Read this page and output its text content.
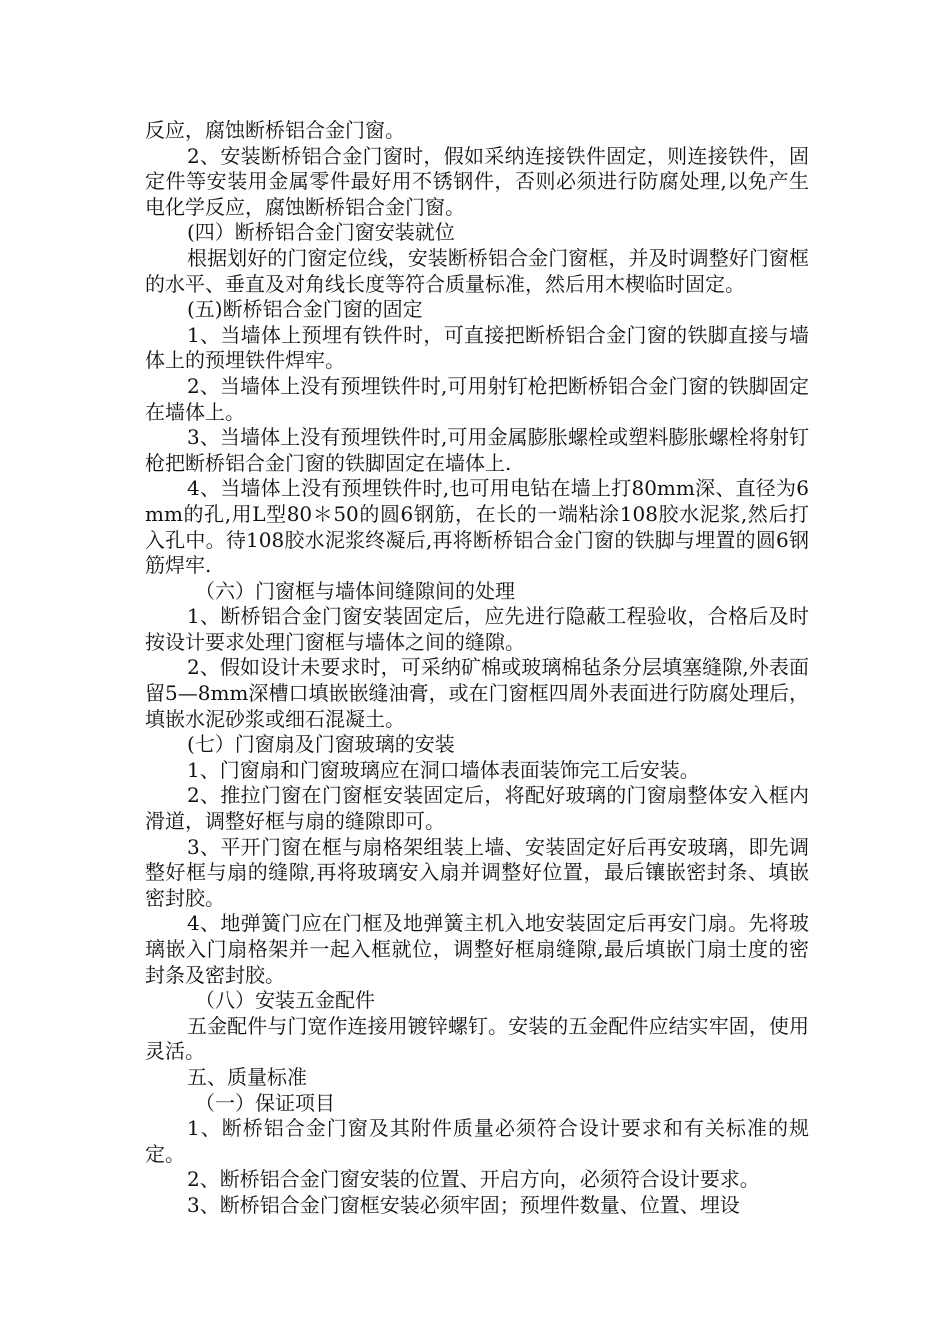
反应，腐蚀断桥铝合金门窗。

2、安装断桥铝合金门窗时，假如采纳连接铁件固定，则连接铁件，固定件等安装用金属零件最好用不锈钢件，否则必须进行防腐处理,以免产生电化学反应，腐蚀断桥铝合金门窗。

(四）断桥铝合金门窗安装就位

根据划好的门窗定位线，安装断桥铝合金门窗框，并及时调整好门窗框的水平、垂直及对角线长度等符合质量标准，然后用木楔临时固定。

(五)断桥铝合金门窗的固定

1、当墙体上预埋有铁件时，可直接把断桥铝合金门窗的铁脚直接与墙体上的预埋铁件焊牢。

2、当墙体上没有预埋铁件时,可用射钉枪把断桥铝合金门窗的铁脚固定在墙体上。

3、当墙体上没有预埋铁件时,可用金属膨胀螺栓或塑料膨胀螺栓将射钉枪把断桥铝合金门窗的铁脚固定在墙体上.

4、当墙体上没有预埋铁件时,也可用电钻在墙上打80mm深、直径为6mm的孔,用L型80＊50的圆6钢筋，在长的一端粘涂108胶水泥浆,然后打入孔中。待108胶水泥浆终凝后,再将断桥铝合金门窗的铁脚与埋置的圆6钢筋焊牢.

（六）门窗框与墙体间缝隙间的处理

1、断桥铝合金门窗安装固定后，应先进行隐蔽工程验收，合格后及时按设计要求处理门窗框与墙体之间的缝隙。

2、假如设计未要求时，可采纳矿棉或玻璃棉毡条分层填塞缝隙,外表面留5—8mm深槽口填嵌嵌缝油膏，或在门窗框四周外表面进行防腐处理后，填嵌水泥砂浆或细石混凝土。

(七）门窗扇及门窗玻璃的安装

1、门窗扇和门窗玻璃应在洞口墙体表面装饰完工后安装。

2、推拉门窗在门窗框安装固定后，将配好玻璃的门窗扇整体安入框内滑道，调整好框与扇的缝隙即可。

3、平开门窗在框与扇格架组装上墙、安装固定好后再安玻璃，即先调整好框与扇的缝隙,再将玻璃安入扇并调整好位置，最后镶嵌密封条、填嵌密封胶。

4、地弹簧门应在门框及地弹簧主机入地安装固定后再安门扇。先将玻璃嵌入门扇格架并一起入框就位，调整好框扇缝隙,最后填嵌门扇士度的密封条及密封胶。

（八）安装五金配件

五金配件与门宽作连接用镀锌螺钉。安装的五金配件应结实牢固，使用灵活。

五、质量标准

（一）保证项目

1、断桥铝合金门窗及其附件质量必须符合设计要求和有关标准的规定。

2、断桥铝合金门窗安装的位置、开启方向，必须符合设计要求。

3、断桥铝合金门窗框安装必须牢固；预埋件数量、位置、埋设
